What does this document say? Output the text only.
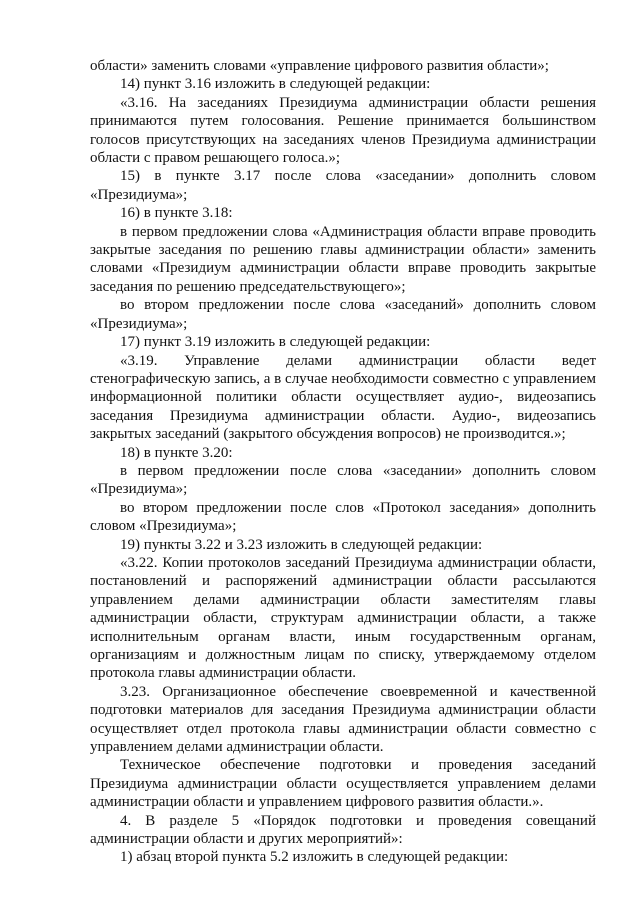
области» заменить словами «управление цифрового развития области»;

14) пункт 3.16 изложить в следующей редакции:

«3.16. На заседаниях Президиума администрации области решения принимаются путем голосования. Решение принимается большинством голосов присутствующих на заседаниях членов Президиума администрации области с правом решающего голоса.»;

15) в пункте 3.17 после слова «заседании» дополнить словом «Президиума»;

16) в пункте 3.18:

в первом предложении слова «Администрация области вправе проводить закрытые заседания по решению главы администрации области» заменить словами «Президиум администрации области вправе проводить закрытые заседания по решению председательствующего»;

во втором предложении после слова «заседаний» дополнить словом «Президиума»;

17) пункт 3.19 изложить в следующей редакции:

«3.19. Управление делами администрации области ведет стенографическую запись, а в случае необходимости совместно с управлением информационной политики области осуществляет аудио-, видеозапись заседания Президиума администрации области. Аудио-, видеозапись закрытых заседаний (закрытого обсуждения вопросов) не производится.»;

18) в пункте 3.20:

в первом предложении после слова «заседании» дополнить словом «Президиума»;

во втором предложении после слов «Протокол заседания» дополнить словом «Президиума»;

19) пункты 3.22 и 3.23 изложить в следующей редакции:

«3.22. Копии протоколов заседаний Президиума администрации области, постановлений и распоряжений администрации области рассылаются управлением делами администрации области заместителям главы администрации области, структурам администрации области, а также исполнительным органам власти, иным государственным органам, организациям и должностным лицам по списку, утверждаемому отделом протокола главы администрации области.

3.23. Организационное обеспечение своевременной и качественной подготовки материалов для заседания Президиума администрации области осуществляет отдел протокола главы администрации области совместно с управлением делами администрации области.

Техническое обеспечение подготовки и проведения заседаний Президиума администрации области осуществляется управлением делами администрации области и управлением цифрового развития области.».

4. В разделе 5 «Порядок подготовки и проведения совещаний администрации области и других мероприятий»:

1) абзац второй пункта 5.2 изложить в следующей редакции:
